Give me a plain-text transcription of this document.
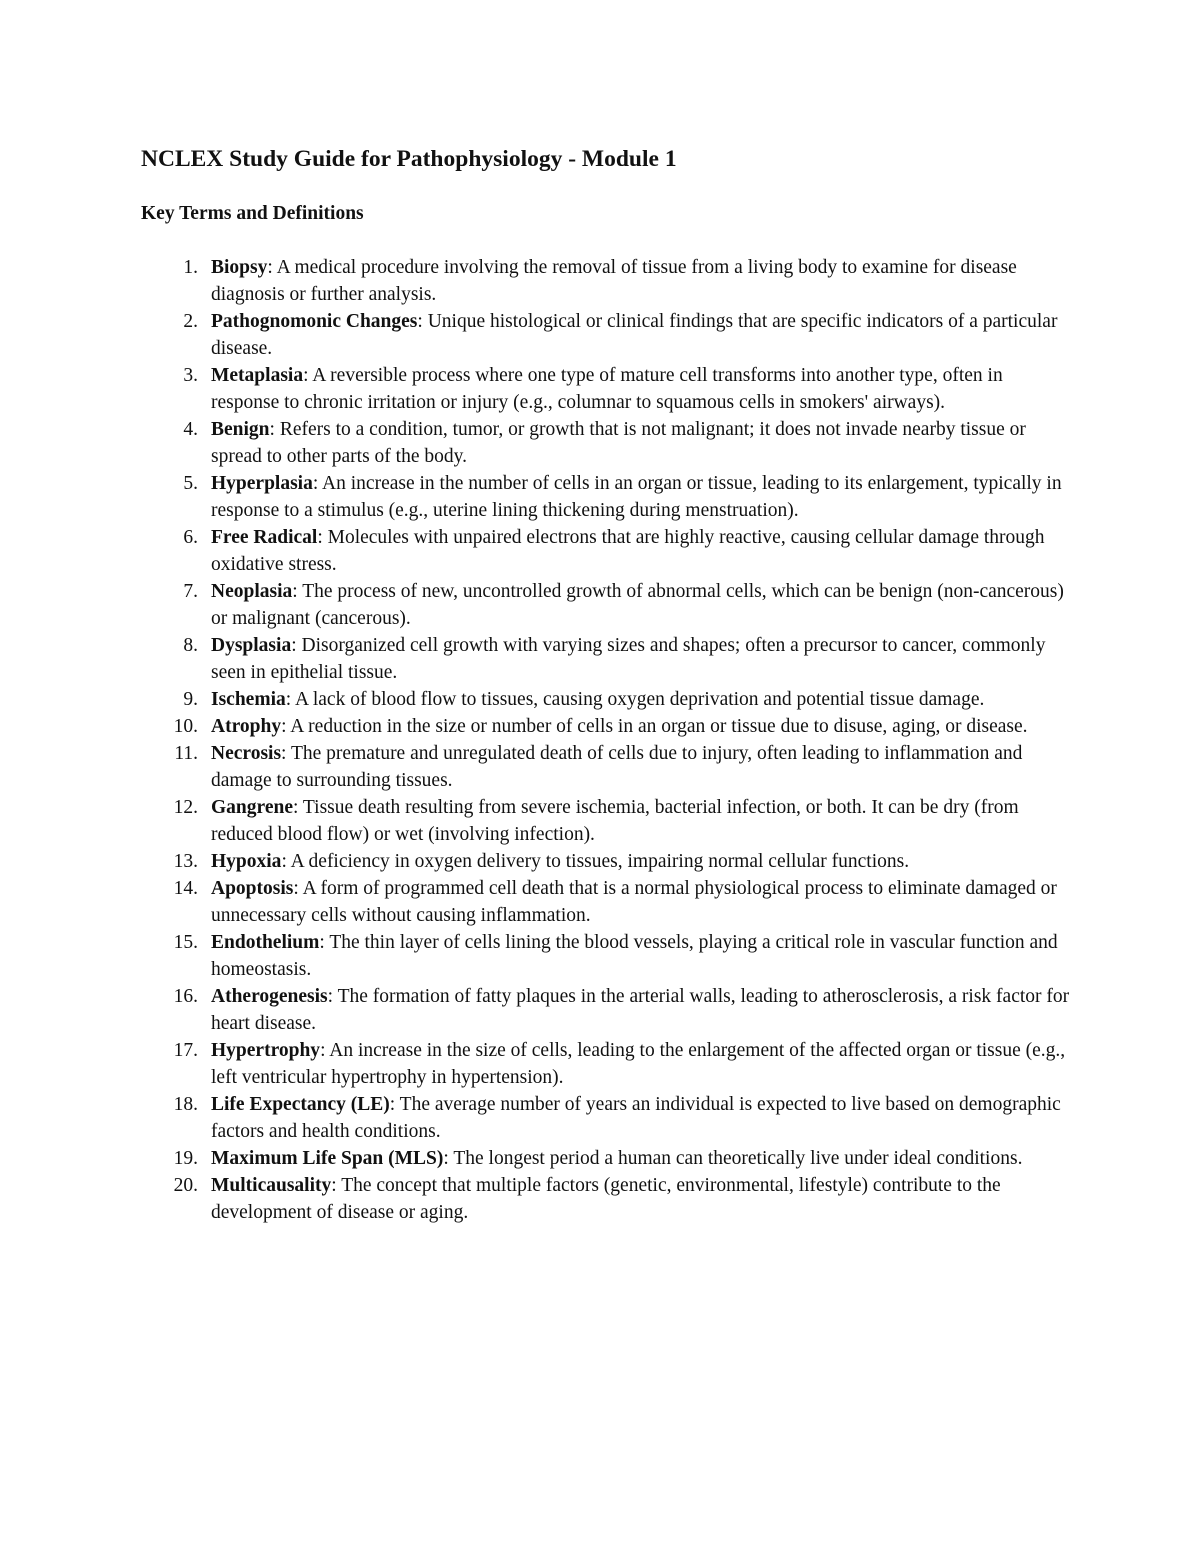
NCLEX Study Guide for Pathophysiology - Module 1
Key Terms and Definitions
1. Biopsy: A medical procedure involving the removal of tissue from a living body to examine for disease diagnosis or further analysis.
2. Pathognomonic Changes: Unique histological or clinical findings that are specific indicators of a particular disease.
3. Metaplasia: A reversible process where one type of mature cell transforms into another type, often in response to chronic irritation or injury (e.g., columnar to squamous cells in smokers' airways).
4. Benign: Refers to a condition, tumor, or growth that is not malignant; it does not invade nearby tissue or spread to other parts of the body.
5. Hyperplasia: An increase in the number of cells in an organ or tissue, leading to its enlargement, typically in response to a stimulus (e.g., uterine lining thickening during menstruation).
6. Free Radical: Molecules with unpaired electrons that are highly reactive, causing cellular damage through oxidative stress.
7. Neoplasia: The process of new, uncontrolled growth of abnormal cells, which can be benign (non-cancerous) or malignant (cancerous).
8. Dysplasia: Disorganized cell growth with varying sizes and shapes; often a precursor to cancer, commonly seen in epithelial tissue.
9. Ischemia: A lack of blood flow to tissues, causing oxygen deprivation and potential tissue damage.
10. Atrophy: A reduction in the size or number of cells in an organ or tissue due to disuse, aging, or disease.
11. Necrosis: The premature and unregulated death of cells due to injury, often leading to inflammation and damage to surrounding tissues.
12. Gangrene: Tissue death resulting from severe ischemia, bacterial infection, or both. It can be dry (from reduced blood flow) or wet (involving infection).
13. Hypoxia: A deficiency in oxygen delivery to tissues, impairing normal cellular functions.
14. Apoptosis: A form of programmed cell death that is a normal physiological process to eliminate damaged or unnecessary cells without causing inflammation.
15. Endothelium: The thin layer of cells lining the blood vessels, playing a critical role in vascular function and homeostasis.
16. Atherogenesis: The formation of fatty plaques in the arterial walls, leading to atherosclerosis, a risk factor for heart disease.
17. Hypertrophy: An increase in the size of cells, leading to the enlargement of the affected organ or tissue (e.g., left ventricular hypertrophy in hypertension).
18. Life Expectancy (LE): The average number of years an individual is expected to live based on demographic factors and health conditions.
19. Maximum Life Span (MLS): The longest period a human can theoretically live under ideal conditions.
20. Multicausality: The concept that multiple factors (genetic, environmental, lifestyle) contribute to the development of disease or aging.
